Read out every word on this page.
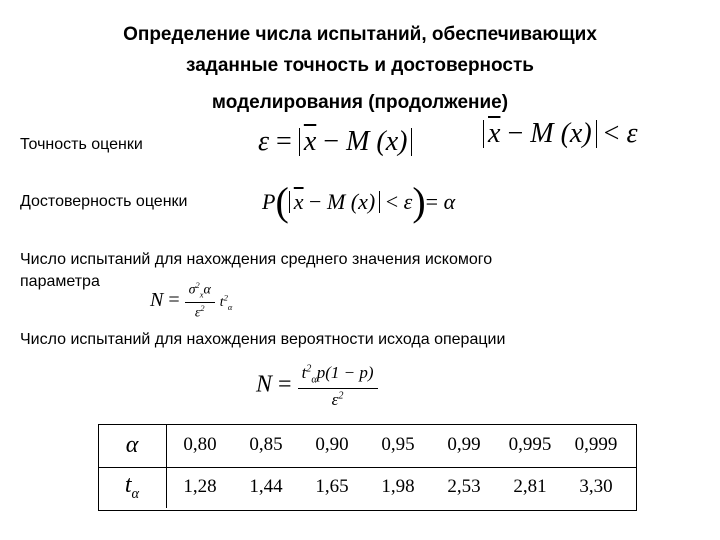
Определение числа испытаний, обеспечивающих
заданные точность и достоверность
моделирования (продолжение)
Точность оценки	$\varepsilon = \overline{x} - M$ (x)	$\overline{x} - M$ (x) < ε
Достоверность оценки	P( $\overline{x} - M$ (x) < ε)= α
Число испытаний для нахождения среднего значения искомого
параметра
$N = \frac{\sigma^2_x\alpha}{\varepsilon^2} t^2_\alpha$
Число испытаний для нахождения вероятности исхода операции
$N = \frac{t^2_\alpha p(1 - p)}{\varepsilon^2}$
α	0,80	0,85	0,90	0,95	0,99	0,995	0,999
$t_\alpha$	1,28	1,44	1,65	1,98	2,53	2,81	3,30
